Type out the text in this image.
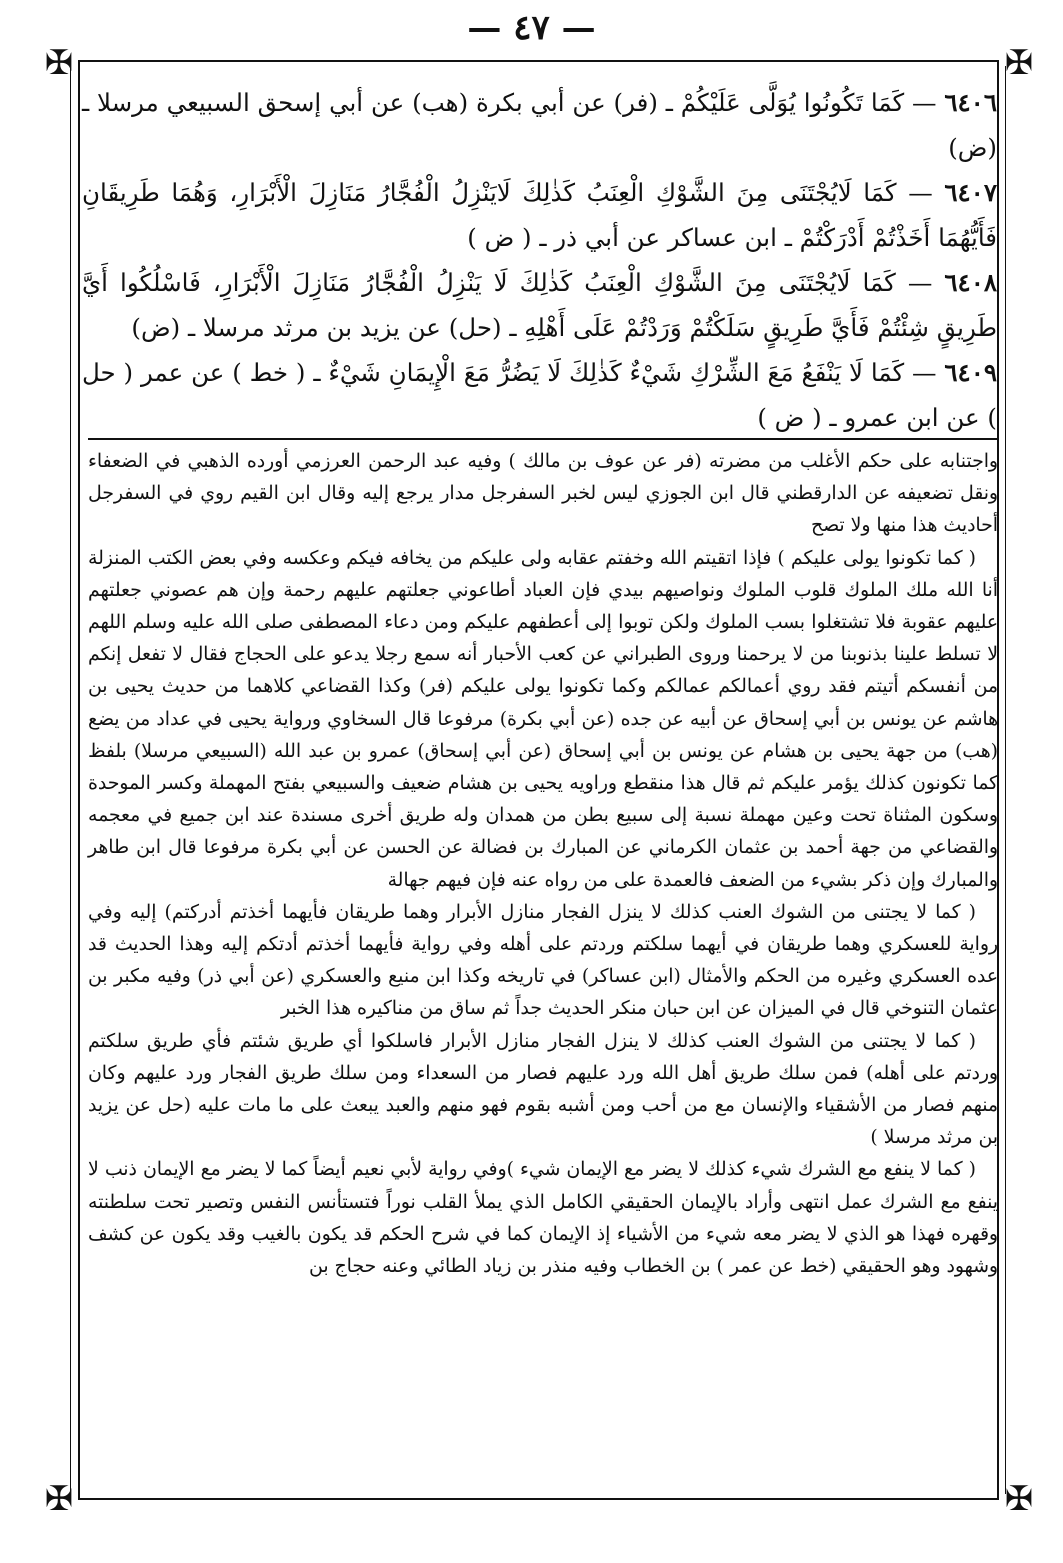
— ٤٧ —
✠	✠
✠	✠

٦٤٠٦ — كَمَا تَكُونُوا يُوَلَّى عَلَيْكُمْ ـ (فر) عن أبي بكرة (هب) عن أبي إسحق السبيعي مرسلا ـ (ض)

٦٤٠٧ — كَمَا لَايُجْتَنَى مِنَ الشَّوْكِ الْعِنَبُ كَذٰلِكَ لَايَنْزِلُ الْفُجَّارُ مَنَازِلَ الْأَبْرَارِ، وَهُمَا طَرِيقَانِ فَأَيُّهُمَا أَخَذْتُمْ أَدْرَكْتُمْ ـ ابن عساكر عن أبي ذر ـ ( ض )

٦٤٠٨ — كَمَا لَايُجْتَنَى مِنَ الشَّوْكِ الْعِنَبُ كَذٰلِكَ لَا يَنْزِلُ الْفُجَّارُ مَنَازِلَ الْأَبْرَارِ، فَاسْلُكُوا أَيَّ طَرِيقٍ شِئْتُمْ فَأَيَّ طَرِيقٍ سَلَكْتُمْ وَرَدْتُمْ عَلَى أَهْلِهِ ـ (حل) عن يزيد بن مرثد مرسلا ـ (ض)

٦٤٠٩ — كَمَا لَا يَنْفَعُ مَعَ الشِّرْكِ شَيْءٌ كَذٰلِكَ لَا يَضُرُّ مَعَ الْإِيمَانِ شَيْءٌ ـ ( خط ) عن عمر ( حل ) عن ابن عمرو ـ ( ض )

واجتنابه على حكم الأغلب من مضرته (فر عن عوف بن مالك ) وفيه عبد الرحمن العرزمي أورده الذهبي في الضعفاء ونقل تضعيفه عن الدارقطني قال ابن الجوزي ليس لخبر السفرجل مدار يرجع إليه وقال ابن القيم روي في السفرجل أحاديث هذا منها ولا تصح

( كما تكونوا يولى عليكم ) فإذا اتقيتم الله وخفتم عقابه ولى عليكم من يخافه فيكم وعكسه وفي بعض الكتب المنزلة أنا الله ملك الملوك قلوب الملوك ونواصيهم بيدي فإن العباد أطاعوني جعلتهم عليهم رحمة وإن هم عصوني جعلتهم عليهم عقوبة فلا تشتغلوا بسب الملوك ولكن توبوا إلى أعطفهم عليكم ومن دعاء المصطفى صلى الله عليه وسلم اللهم لا تسلط علينا بذنوبنا من لا يرحمنا وروى الطبراني عن كعب الأحبار أنه سمع رجلا يدعو على الحجاج فقال لا تفعل إنكم من أنفسكم أتيتم فقد روي أعمالكم عمالكم وكما تكونوا يولى عليكم (فر) وكذا القضاعي كلاهما من حديث يحيى بن هاشم عن يونس بن أبي إسحاق عن أبيه عن جده (عن أبي بكرة) مرفوعا قال السخاوي ورواية يحيى في عداد من يضع (هب) من جهة يحيى بن هشام عن يونس بن أبي إسحاق (عن أبي إسحاق) عمرو بن عبد الله (السبيعي مرسلا) بلفظ كما تكونون كذلك يؤمر عليكم ثم قال هذا منقطع وراويه يحيى بن هشام ضعيف والسبيعي بفتح المهملة وكسر الموحدة وسكون المثناة تحت وعين مهملة نسبة إلى سبيع بطن من همدان وله طريق أخرى مسندة عند ابن جميع في معجمه والقضاعي من جهة أحمد بن عثمان الكرماني عن المبارك بن فضالة عن الحسن عن أبي بكرة مرفوعا قال ابن طاهر والمبارك وإن ذكر بشيء من الضعف فالعمدة على من رواه عنه فإن فيهم جهالة

( كما لا يجتنى من الشوك العنب كذلك لا ينزل الفجار منازل الأبرار وهما طريقان فأيهما أخذتم أدركتم) إليه وفي رواية للعسكري وهما طريقان في أيهما سلكتم وردتم على أهله وفي رواية فأيهما أخذتم أدتكم إليه وهذا الحديث قد عده العسكري وغيره من الحكم والأمثال (ابن عساكر) في تاريخه وكذا ابن منيع والعسكري (عن أبي ذر) وفيه مكبر بن عثمان التنوخي قال في الميزان عن ابن حبان منكر الحديث جداً ثم ساق من مناكيره هذا الخبر

( كما لا يجتنى من الشوك العنب كذلك لا ينزل الفجار منازل الأبرار فاسلكوا أي طريق شئتم فأي طريق سلكتم وردتم على أهله) فمن سلك طريق أهل الله ورد عليهم فصار من السعداء ومن سلك طريق الفجار ورد عليهم وكان منهم فصار من الأشقياء والإنسان مع من أحب ومن أشبه بقوم فهو منهم والعبد يبعث على ما مات عليه (حل عن يزيد بن مرثد مرسلا )

( كما لا ينفع مع الشرك شيء كذلك لا يضر مع الإيمان شيء )وفي رواية لأبي نعيم أيضاً كما لا يضر مع الإيمان ذنب لا ينفع مع الشرك عمل انتهى وأراد بالإيمان الحقيقي الكامل الذي يملأ القلب نوراً فتستأنس النفس وتصير تحت سلطنته وقهره فهذا هو الذي لا يضر معه شيء من الأشياء إذ الإيمان كما في شرح الحكم قد يكون بالغيب وقد يكون عن كشف وشهود وهو الحقيقي (خط عن عمر ) بن الخطاب وفيه منذر بن زياد الطائي وعنه حجاج بن
